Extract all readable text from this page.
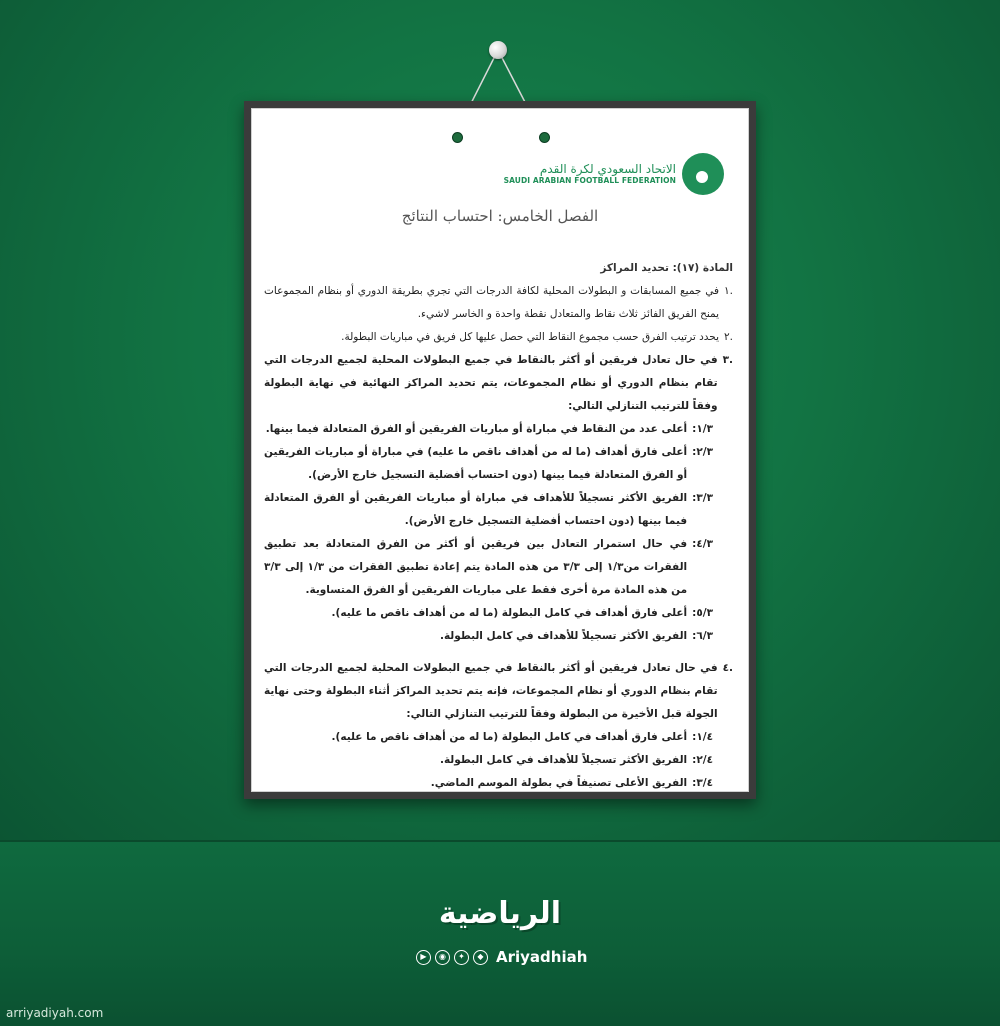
الاتحاد السعودي لكرة القدم
SAUDI ARABIAN FOOTBALL FEDERATION
الفصل الخامس: احتساب النتائج

المادة (١٧): تحديد المراكز

.١
في جميع المسابقات و البطولات المحلية لكافة الدرجات التي تجري بطريقة الدوري أو بنظام المجموعات يمنح الفريق الفائز ثلاث نقاط والمتعادل نقطة واحدة و الخاسر لاشيء.
.٢
يحدد ترتيب الفرق حسب مجموع النقاط التي حصل عليها كل فريق في مباريات البطولة.
.٣
في حال تعادل فريقين أو أكثر بالنقاط في جميع البطولات المحلية لجميع الدرجات التي تقام بنظام الدوري أو نظام المجموعات، يتم تحديد المراكز النهائية في نهاية البطولة وفقاً للترتيب التنازلي التالي:
١/٣:
أعلى عدد من النقاط في مباراة أو مباريات الفريقين أو الفرق المتعادلة فيما بينها.
٢/٣:
أعلى فارق أهداف (ما له من أهداف ناقص ما عليه) في مباراة أو مباريات الفريقين أو الفرق المتعادلة فيما بينها (دون احتساب أفضلية التسجيل خارج الأرض).
٣/٣:
الفريق الأكثر تسجيلاً للأهداف في مباراة أو مباريات الفريقين أو الفرق المتعادلة فيما بينها (دون احتساب أفضلية التسجيل خارج الأرض).
٤/٣:
في حال استمرار التعادل بين فريقين أو أكثر من الفرق المتعادلة بعد تطبيق الفقرات من١/٣ إلى ٣/٣ من هذه المادة يتم إعادة تطبيق الفقرات من ١/٣ إلى ٣/٣ من هذه المادة مرة أخرى فقط على مباريات الفريقين أو الفرق المتساوية.
٥/٣:
أعلى فارق أهداف في كامل البطولة (ما له من أهداف ناقص ما عليه).
٦/٣:
الفريق الأكثر تسجيلاً للأهداف في كامل البطولة.
.٤
في حال تعادل فريقين أو أكثر بالنقاط في جميع البطولات المحلية لجميع الدرجات التي تقام بنظام الدوري أو نظام المجموعات، فإنه يتم تحديد المراكز أثناء البطولة وحتى نهاية الجولة قبل الأخيرة من البطولة وفقاً للترتيب التنازلي التالي:
١/٤:
أعلى فارق أهداف في كامل البطولة (ما له من أهداف ناقص ما عليه).
٢/٤:
الفريق الأكثر تسجيلاً للأهداف في كامل البطولة.
٣/٤:
الفريق الأعلى تصنيفاً في بطولة الموسم الماضي.
الرياضية
▶	◉	✦	◆ Ariyadhiah
arriyadiyah.com
